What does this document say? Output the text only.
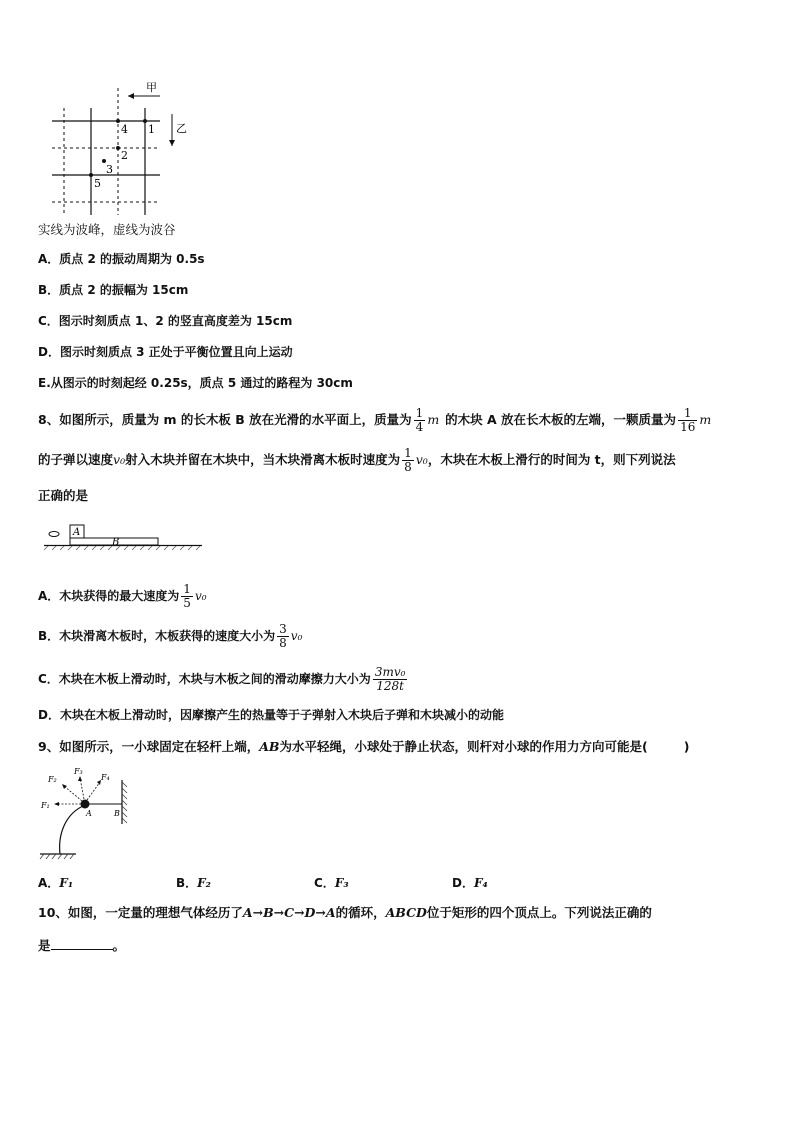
甲
乙
1
4
2
3
5
实线为波峰，虚线为波谷
A．质点 2 的振动周期为 0.5s
B．质点 2 的振幅为 15cm
C．图示时刻质点 1、2 的竖直高度差为 15cm
D．图示时刻质点 3 正处于平衡位置且向上运动
E.从图示的时刻起经 0.25s，质点 5 通过的路程为 30cm
8、如图所示，质量为 m 的长木板 B 放在光滑的水平面上，质量为 $\frac{1}{4}$ m 的木块 A 放在长木板的左端，一颗质量为 $\frac{1}{16}$ m
的子弹以速度 v₀ 射入木块并留在木块中，当木块滑离木板时速度为 $\frac{1}{8} v_0$ ，木块在木板上滑行的时间为 t，则下列说法
正确的是
A
B
A．木块获得的最大速度为 $\frac{1}{5} v_0$
B．木块滑离木板时，木板获得的速度大小为 $\frac{3}{8} v_0$
C．木块在木板上滑动时，木块与木板之间的滑动摩擦力大小为 $\frac{\text{3mv₀}}{128t}$
D．木块在木板上滑动时，因摩擦产生的热量等于子弹射入木块后子弹和木块减小的动能
9、如图所示，一小球固定在轻杆上端，AB为水平轻绳，小球处于静止状态，则杆对小球的作用力方向可能是(	)
F₁
F₂
F₃
F₄
A	B
A．F₁	B．F₂	C．F₃	D．F₄
10、如图，一定量的理想气体经历了A→B→C→D→A的循环，ABCD位于矩形的四个顶点上。下列说法正确的
是	。
